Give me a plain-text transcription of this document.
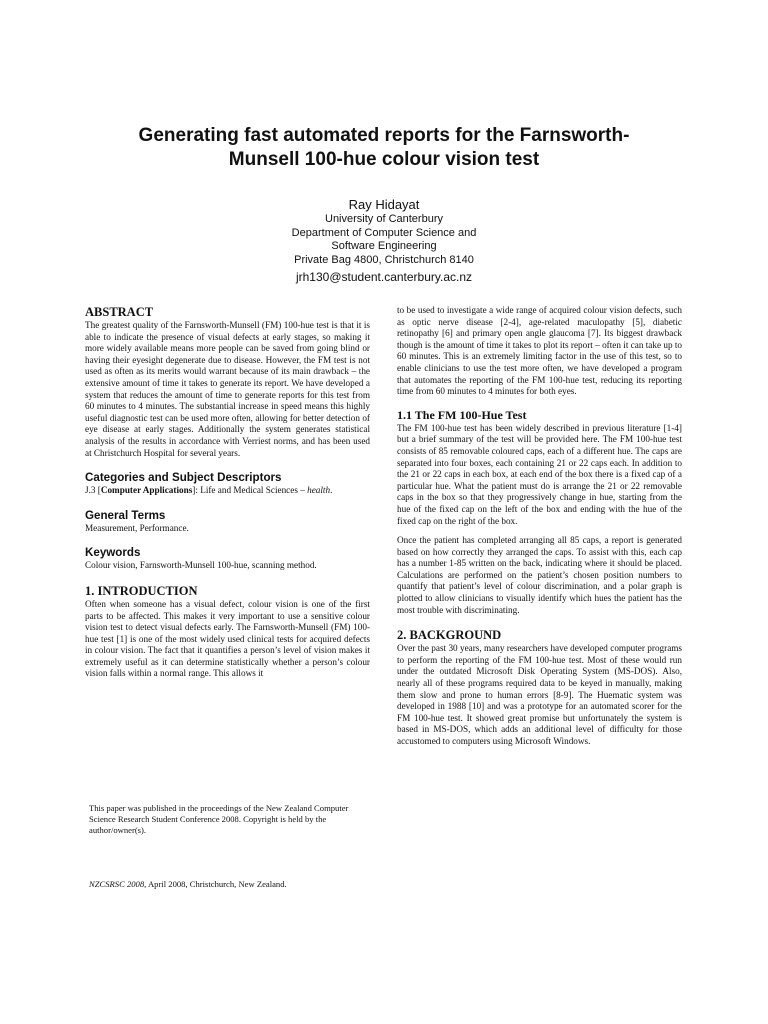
Generating fast automated reports for the Farnsworth-
Munsell 100-hue colour vision test
Ray Hidayat
University of Canterbury
Department of Computer Science and
Software Engineering
Private Bag 4800, Christchurch 8140
jrh130@student.canterbury.ac.nz
ABSTRACT

The greatest quality of the Farnsworth-Munsell (FM) 100-hue test is that it is able to indicate the presence of visual defects at early stages, so making it more widely available means more people can be saved from going blind or having their eyesight degenerate due to disease. However, the FM test is not used as often as its merits would warrant because of its main drawback – the extensive amount of time it takes to generate its report. We have developed a system that reduces the amount of time to generate reports for this test from 60 minutes to 4 minutes. The substantial increase in speed means this highly useful diagnostic test can be used more often, allowing for better detection of eye disease at early stages. Additionally the system generates statistical analysis of the results in accordance with Verriest norms, and has been used at Christchurch Hospital for several years.

Categories and Subject Descriptors

J.3 [Computer Applications]: Life and Medical Sciences – health.

General Terms

Measurement, Performance.

Keywords

Colour vision, Farnsworth-Munsell 100-hue, scanning method.

1. INTRODUCTION

Often when someone has a visual defect, colour vision is one of the first parts to be affected. This makes it very important to use a sensitive colour vision test to detect visual defects early. The Farnsworth-Munsell (FM) 100-hue test [1] is one of the most widely used clinical tests for acquired defects in colour vision. The fact that it quantifies a person’s level of vision makes it extremely useful as it can determine statistically whether a person’s colour vision falls within a normal range. This allows it

This paper was published in the proceedings of the New Zealand Computer Science Research Student Conference 2008. Copyright is held by the author/owner(s).

NZCSRSC 2008, April 2008, Christchurch, New Zealand.

to be used to investigate a wide range of acquired colour vision defects, such as optic nerve disease [2-4], age-related maculopathy [5], diabetic retinopathy [6] and primary open angle glaucoma [7]. Its biggest drawback though is the amount of time it takes to plot its report – often it can take up to 60 minutes. This is an extremely limiting factor in the use of this test, so to enable clinicians to use the test more often, we have developed a program that automates the reporting of the FM 100-hue test, reducing its reporting time from 60 minutes to 4 minutes for both eyes.

1.1 The FM 100-Hue Test

The FM 100-hue test has been widely described in previous literature [1-4] but a brief summary of the test will be provided here. The FM 100-hue test consists of 85 removable coloured caps, each of a different hue. The caps are separated into four boxes, each containing 21 or 22 caps each. In addition to the 21 or 22 caps in each box, at each end of the box there is a fixed cap of a particular hue. What the patient must do is arrange the 21 or 22 removable caps in the box so that they progressively change in hue, starting from the hue of the fixed cap on the left of the box and ending with the hue of the fixed cap on the right of the box.

Once the patient has completed arranging all 85 caps, a report is generated based on how correctly they arranged the caps. To assist with this, each cap has a number 1-85 written on the back, indicating where it should be placed. Calculations are performed on the patient’s chosen position numbers to quantify that patient’s level of colour discrimination, and a polar graph is plotted to allow clinicians to visually identify which hues the patient has the most trouble with discriminating.

2. BACKGROUND

Over the past 30 years, many researchers have developed computer programs to perform the reporting of the FM 100-hue test. Most of these would run under the outdated Microsoft Disk Operating System (MS-DOS). Also, nearly all of these programs required data to be keyed in manually, making them slow and prone to human errors [8-9]. The Huematic system was developed in 1988 [10] and was a prototype for an automated scorer for the FM 100-hue test. It showed great promise but unfortunately the system is based in MS-DOS, which adds an additional level of difficulty for those accustomed to computers using Microsoft Windows.
